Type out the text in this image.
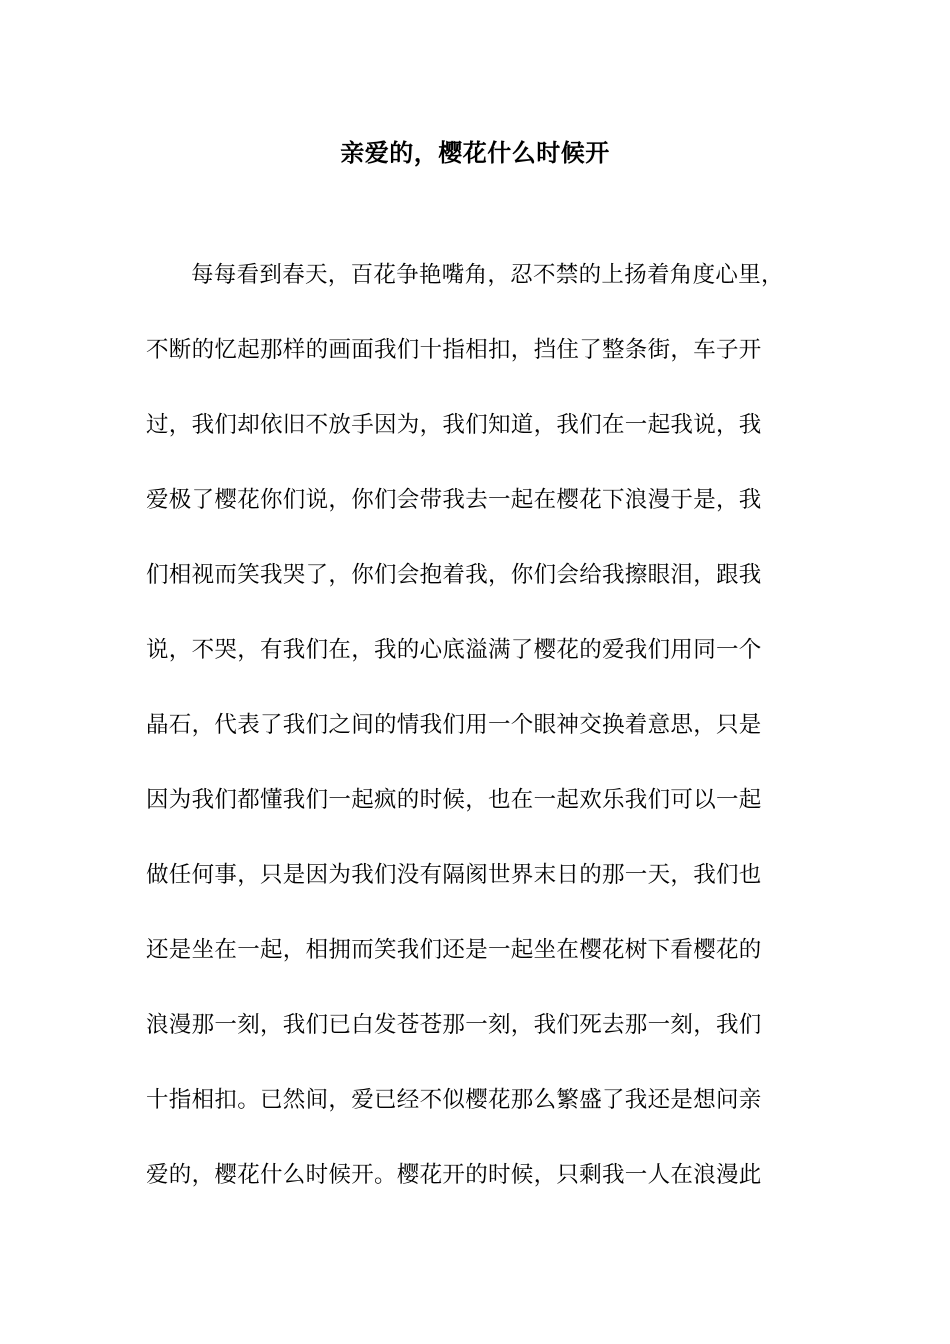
亲爱的，樱花什么时候开
每每看到春天，百花争艳嘴角，忍不禁的上扬着角度心里，
不断的忆起那样的画面我们十指相扣，挡住了整条街，车子开
过，我们却依旧不放手因为，我们知道，我们在一起我说，我
爱极了樱花你们说，你们会带我去一起在樱花下浪漫于是，我
们相视而笑我哭了，你们会抱着我，你们会给我擦眼泪，跟我
说，不哭，有我们在，我的心底溢满了樱花的爱我们用同一个
晶石，代表了我们之间的情我们用一个眼神交换着意思，只是
因为我们都懂我们一起疯的时候，也在一起欢乐我们可以一起
做任何事，只是因为我们没有隔阂世界末日的那一天，我们也
还是坐在一起，相拥而笑我们还是一起坐在樱花树下看樱花的
浪漫那一刻，我们已白发苍苍那一刻，我们死去那一刻，我们
十指相扣。已然间，爱已经不似樱花那么繁盛了我还是想问亲
爱的，樱花什么时候开。樱花开的时候，只剩我一人在浪漫此
